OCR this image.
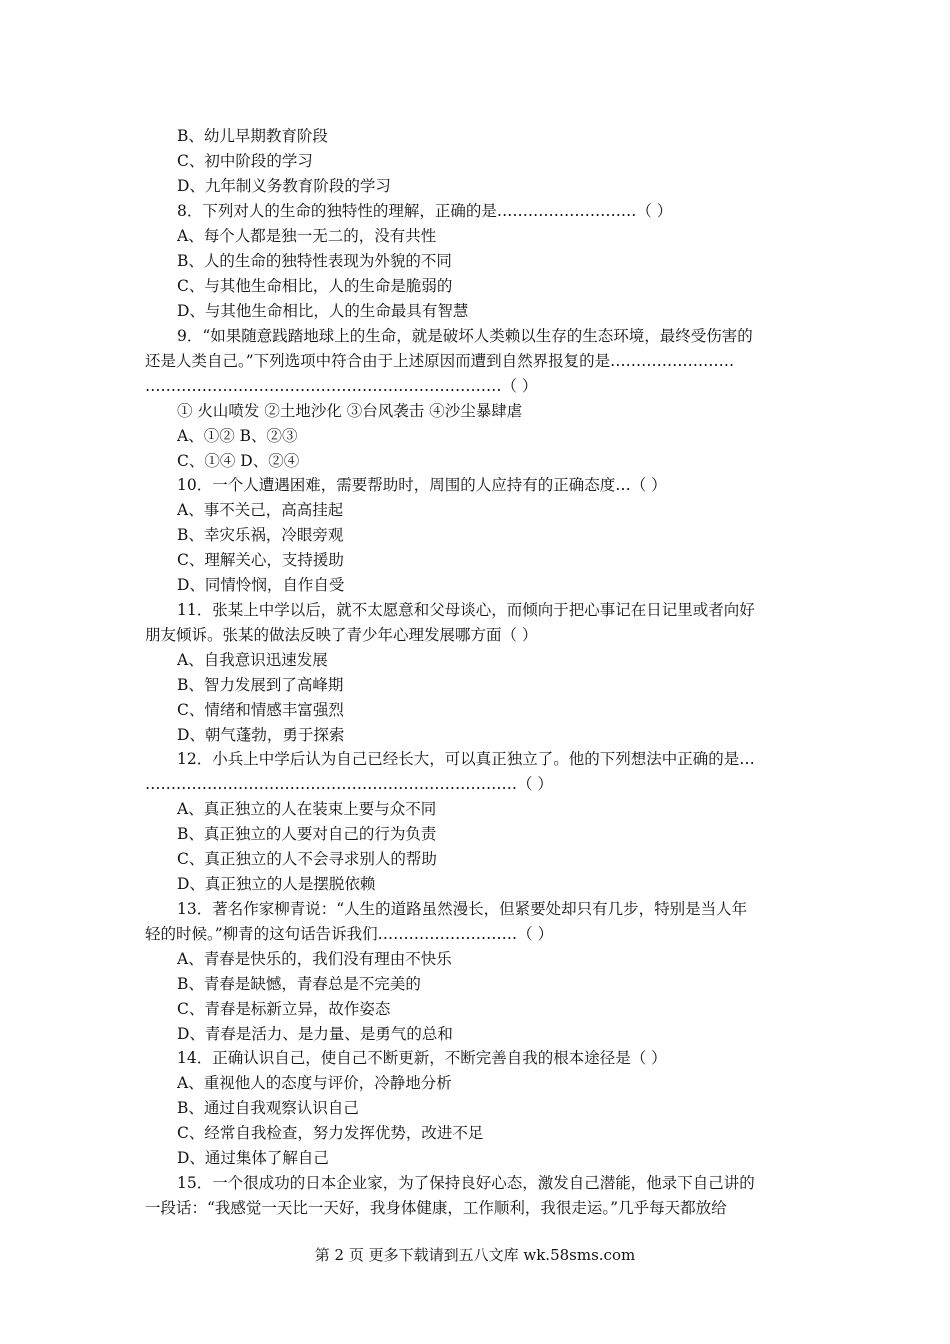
B、幼儿早期教育阶段
C、初中阶段的学习
D、九年制义务教育阶段的学习
8．下列对人的生命的独特性的理解，正确的是………………………（ ）
A、每个人都是独一无二的，没有共性
B、人的生命的独特性表现为外貌的不同
C、与其他生命相比，人的生命是脆弱的
D、与其他生命相比，人的生命最具有智慧
9．“如果随意践踏地球上的生命，就是破坏人类赖以生存的生态环境，最终受伤害的
还是人类自己。”下列选项中符合由于上述原因而遭到自然界报复的是……………………
……………………………………………………………（ ）
① 火山喷发 ②土地沙化 ③台风袭击 ④沙尘暴肆虐
A、①② B、②③
C、①④ D、②④
10．一个人遭遇困难，需要帮助时，周围的人应持有的正确态度…（ ）
A、事不关己，高高挂起
B、幸灾乐祸，冷眼旁观
C、理解关心，支持援助
D、同情怜悯，自作自受
11．张某上中学以后，就不太愿意和父母谈心，而倾向于把心事记在日记里或者向好
朋友倾诉。张某的做法反映了青少年心理发展哪方面（ ）
A、自我意识迅速发展
B、智力发展到了高峰期
C、情绪和情感丰富强烈
D、朝气蓬勃，勇于探索
12．小兵上中学后认为自己已经长大，可以真正独立了。他的下列想法中正确的是…
………………………………………………………………（ ）
A、真正独立的人在装束上要与众不同
B、真正独立的人要对自己的行为负责
C、真正独立的人不会寻求别人的帮助
D、真正独立的人是摆脱依赖
13．著名作家柳青说：“人生的道路虽然漫长，但紧要处却只有几步，特别是当人年
轻的时候。”柳青的这句话告诉我们………………………（ ）
A、青春是快乐的，我们没有理由不快乐
B、青春是缺憾，青春总是不完美的
C、青春是标新立异，故作姿态
D、青春是活力、是力量、是勇气的总和
14．正确认识自己，使自己不断更新，不断完善自我的根本途径是（ ）
A、重视他人的态度与评价，冷静地分析
B、通过自我观察认识自己
C、经常自我检查，努力发挥优势，改进不足
D、通过集体了解自己
15．一个很成功的日本企业家，为了保持良好心态，激发自己潜能，他录下自己讲的
一段话：“我感觉一天比一天好，我身体健康，工作顺利，我很走运。”几乎每天都放给
第 2 页 更多下载请到五八文库 wk.58sms.com
